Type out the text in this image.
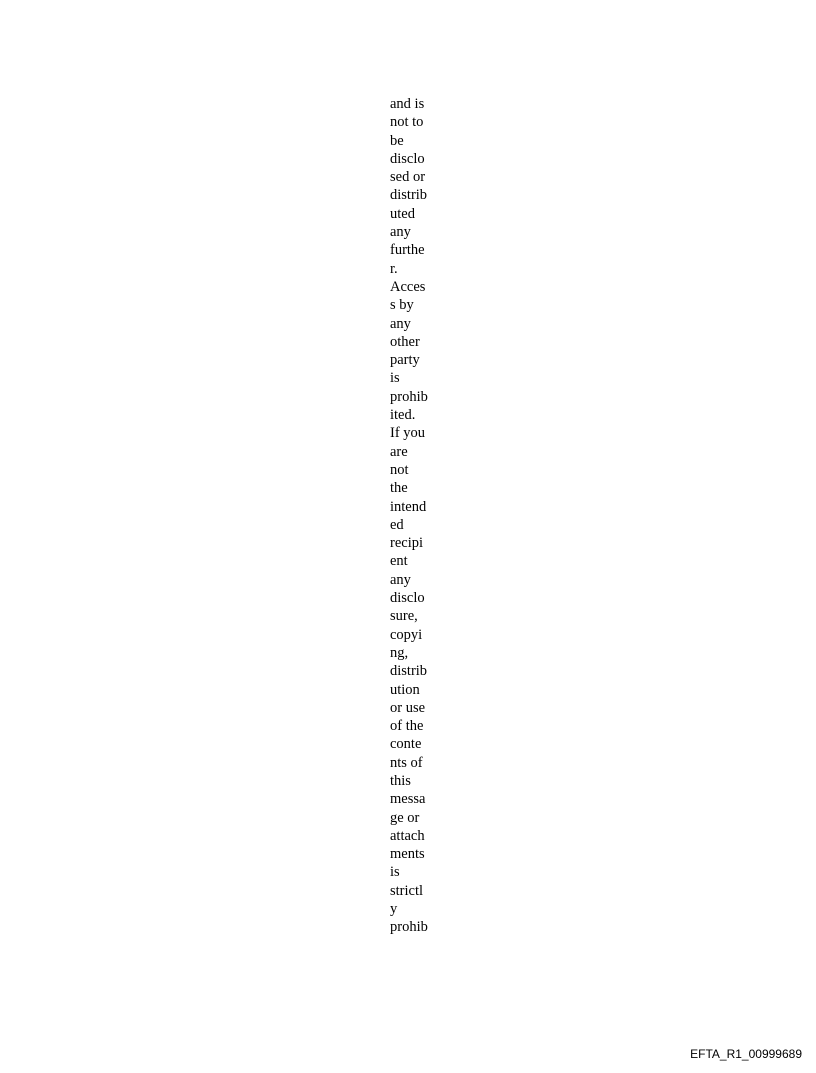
and is
not to
be
disclo
sed or
distrib
uted
any
furthe
r.
Acces
s by
any
other
party
is
prohib
ited.
If you
are
not
the
intend
ed
recipi
ent
any
disclo
sure,
copyi
ng,
distrib
ution
or use
of the
conte
nts of
this
messa
ge or
attach
ments
is
strictl
y
prohib
EFTA_R1_00999689
